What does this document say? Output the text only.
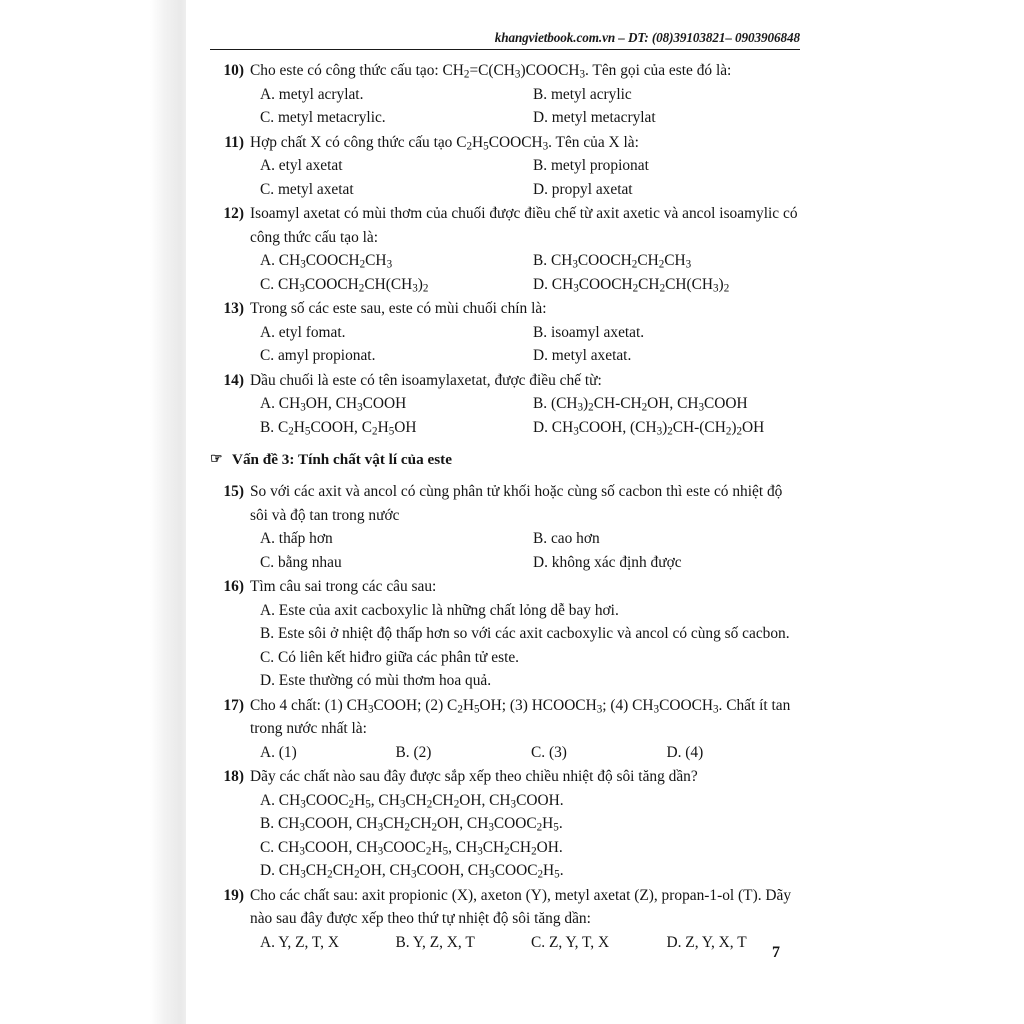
khangvietbook.com.vn – DT: (08)39103821– 0903906848
10) Cho este có công thức cấu tạo: $CH_2=C(CH_3)COOCH_3$. Tên gọi của este đó là:
A. metyl acrylat.	B. metyl acrylic
C. metyl metacrylic.	D. metyl metacrylat
11) Hợp chất X có công thức cấu tạo $C_2H_5COOCH_3$. Tên của X là:
A. etyl axetat	B. metyl propionat
C. metyl axetat	D. propyl axetat
12) Isoamyl axetat có mùi thơm của chuối được điều chế từ axit axetic và ancol isoamylic có công thức cấu tạo là:
A. $CH_3COOCH_2CH_3$	B. $CH_3COOCH_2CH_2CH_3$
C. $CH_3COOCH_2CH(CH_3)_2$	D. $CH_3COOCH_2CH_2CH(CH_3)_2$
13) Trong số các este sau, este có mùi chuối chín là:
A. etyl fomat.	B. isoamyl axetat.
C. amyl propionat.	D. metyl axetat.
14) Dầu chuối là este có tên isoamylaxetat, được điều chế từ:
A. $CH_3OH$, $CH_3COOH$	B. $(CH_3)_2CH-CH_2OH$, $CH_3COOH$
B. $C_2H_5COOH$, $C_2H_5OH$	D. $CH_3COOH$, $(CH_3)_2CH-(CH_2)_2OH$
☞ Vấn đề 3: Tính chất vật lí của este
15) So với các axit và ancol có cùng phân tử khối hoặc cùng số cacbon thì este có nhiệt độ sôi và độ tan trong nước
A. thấp hơn	B. cao hơn
C. bằng nhau	D. không xác định được
16) Tìm câu sai trong các câu sau:
A. Este của axit cacboxylic là những chất lỏng dễ bay hơi.
B. Este sôi ở nhiệt độ thấp hơn so với các axit cacboxylic và ancol có cùng số cacbon.
C. Có liên kết hiđro giữa các phân tử este.
D. Este thường có mùi thơm hoa quả.
17) Cho 4 chất: (1) $CH_3COOH$; (2) $C_2H_5OH$; (3) $HCOOCH_3$; (4) $CH_3COOCH_3$. Chất ít tan trong nước nhất là:
A. (1)	B. (2)	C. (3)	D. (4)
18) Dãy các chất nào sau đây được sắp xếp theo chiều nhiệt độ sôi tăng dần?
A. $CH_3COOC_2H_5$, $CH_3CH_2CH_2OH$, $CH_3COOH$.
B. $CH_3COOH$, $CH_3CH_2CH_2OH$, $CH_3COOC_2H_5$.
C. $CH_3COOH$, $CH_3COOC_2H_5$, $CH_3CH_2CH_2OH$.
D. $CH_3CH_2CH_2OH$, $CH_3COOH$, $CH_3COOC_2H_5$.
19) Cho các chất sau: axit propionic (X), axeton (Y), metyl axetat (Z), propan-1-ol (T). Dãy nào sau đây được xếp theo thứ tự nhiệt độ sôi tăng dần:
A. Y, Z, T, X	B. Y, Z, X, T	C. Z, Y, T, X	D. Z, Y, X, T
7
